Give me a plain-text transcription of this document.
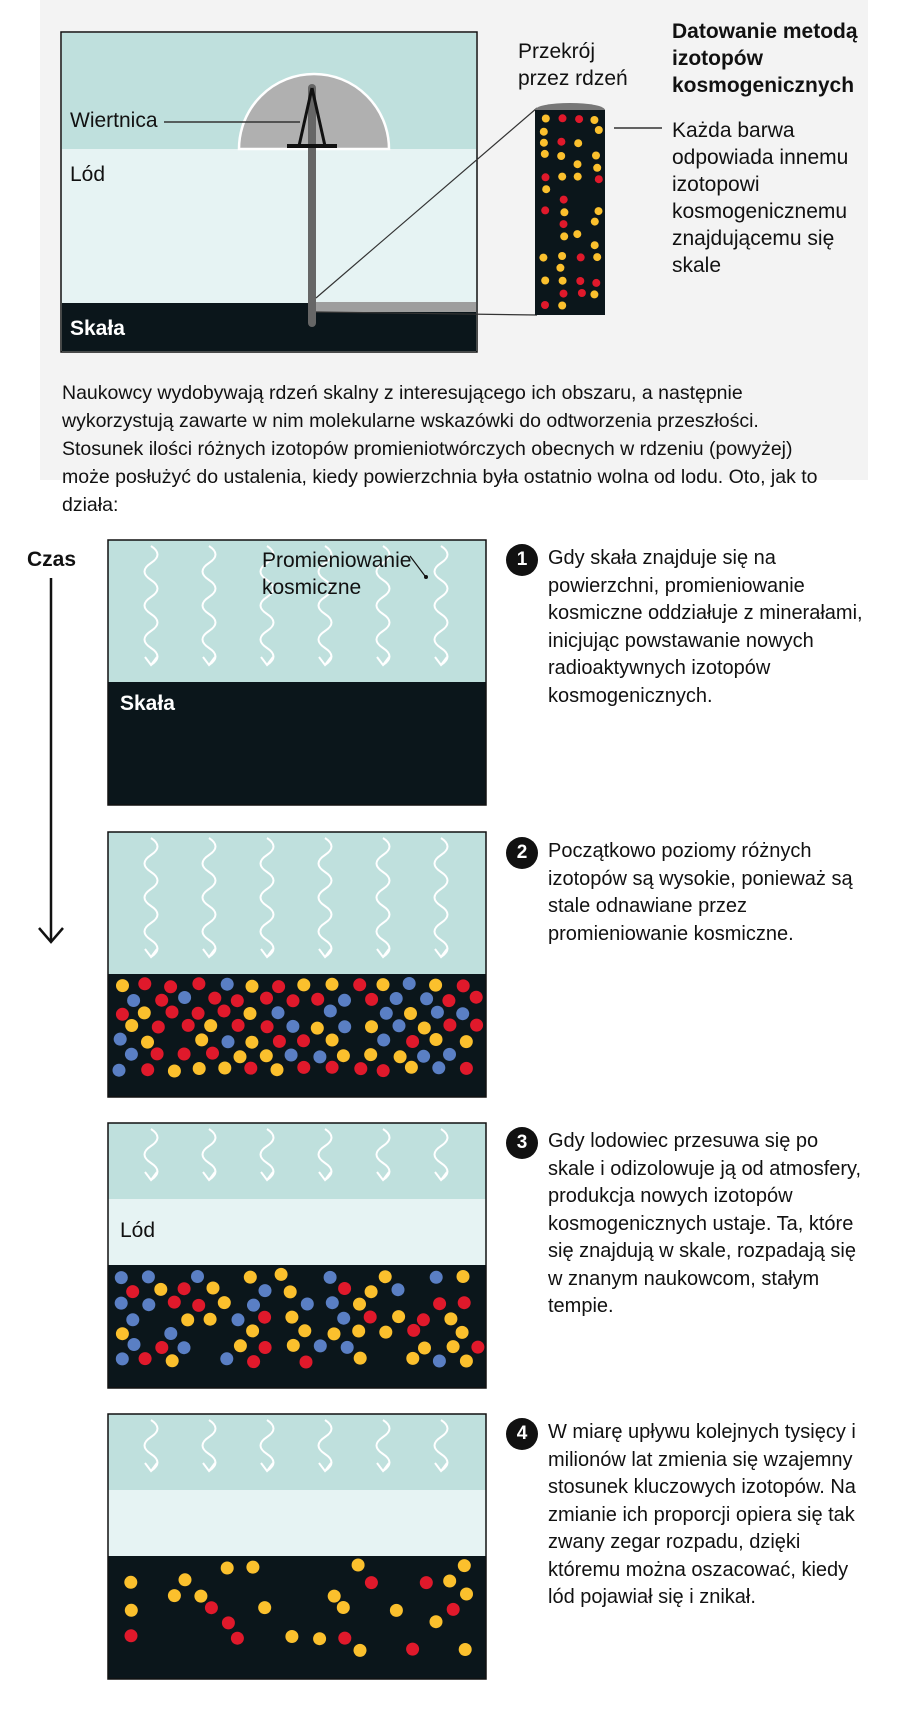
Wiertnica
Lód
Skała
Przekrój przez rdzeń
Datowanie metodą izotopów kosmogenicznych
Każda barwa odpowiada innemu izotopowi kosmogenicznemu znajdującemu się skale
Naukowcy wydobywają rdzeń skalny z interesującego ich obszaru, a następnie wykorzystują zawarte w nim molekularne wskazówki do odtworzenia przeszłości. Stosunek ilości różnych izotopów promieniotwórczych obecnych w rdzeniu (powyżej) może posłużyć do ustalenia, kiedy powierzchnia była ostatnio wolna od lodu. Oto, jak to działa:
Czas	Promieniowanie kosmiczne
Skała
Lód
1	Gdy skała znajduje się na powierzchni, promieniowanie kosmiczne oddziałuje z minerałami, inicjując powstawanie nowych radioaktywnych izotopów kosmogenicznych.
2	Początkowo poziomy różnych izotopów są wysokie, ponieważ są stale odnawiane przez promieniowanie kosmiczne.
3	Gdy lodowiec przesuwa się po skale i odizolowuje ją od atmosfery, produkcja nowych izotopów kosmogenicznych ustaje. Ta, które się znajdują w skale, rozpadają się w znanym naukowcom, stałym tempie.
4	W miarę upływu kolejnych tysięcy i milionów lat zmienia się wzajemny stosunek kluczowych izotopów. Na zmianie ich proporcji opiera się tak zwany zegar rozpadu, dzięki któremu można oszacować, kiedy lód pojawiał się i znikał.
